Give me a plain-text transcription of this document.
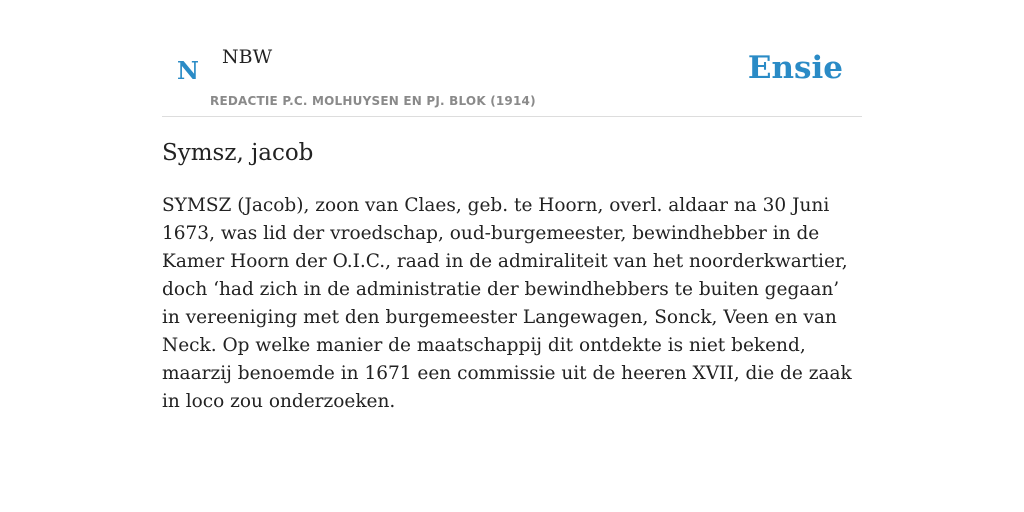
N NBW
REDACTIE P.C. MOLHUYSEN EN PJ. BLOK (1914)
Ensie
Symsz, jacob

SYMSZ (Jacob), zoon van Claes, geb. te Hoorn, overl. aldaar na 30 Juni 1673, was lid der vroedschap, oud-burgemeester, bewindhebber in de Kamer Hoorn der O.I.C., raad in de admiraliteit van het noorderkwartier, doch ‘had zich in de administratie der bewindhebbers te buiten gegaan’ in vereeniging met den burgemeester Langewagen, Sonck, Veen en van Neck. Op welke manier de maatschappij dit ontdekte is niet bekend, maarzij benoemde in 1671 een commissie uit de heeren XVII, die de zaak in loco zou onderzoeken.
